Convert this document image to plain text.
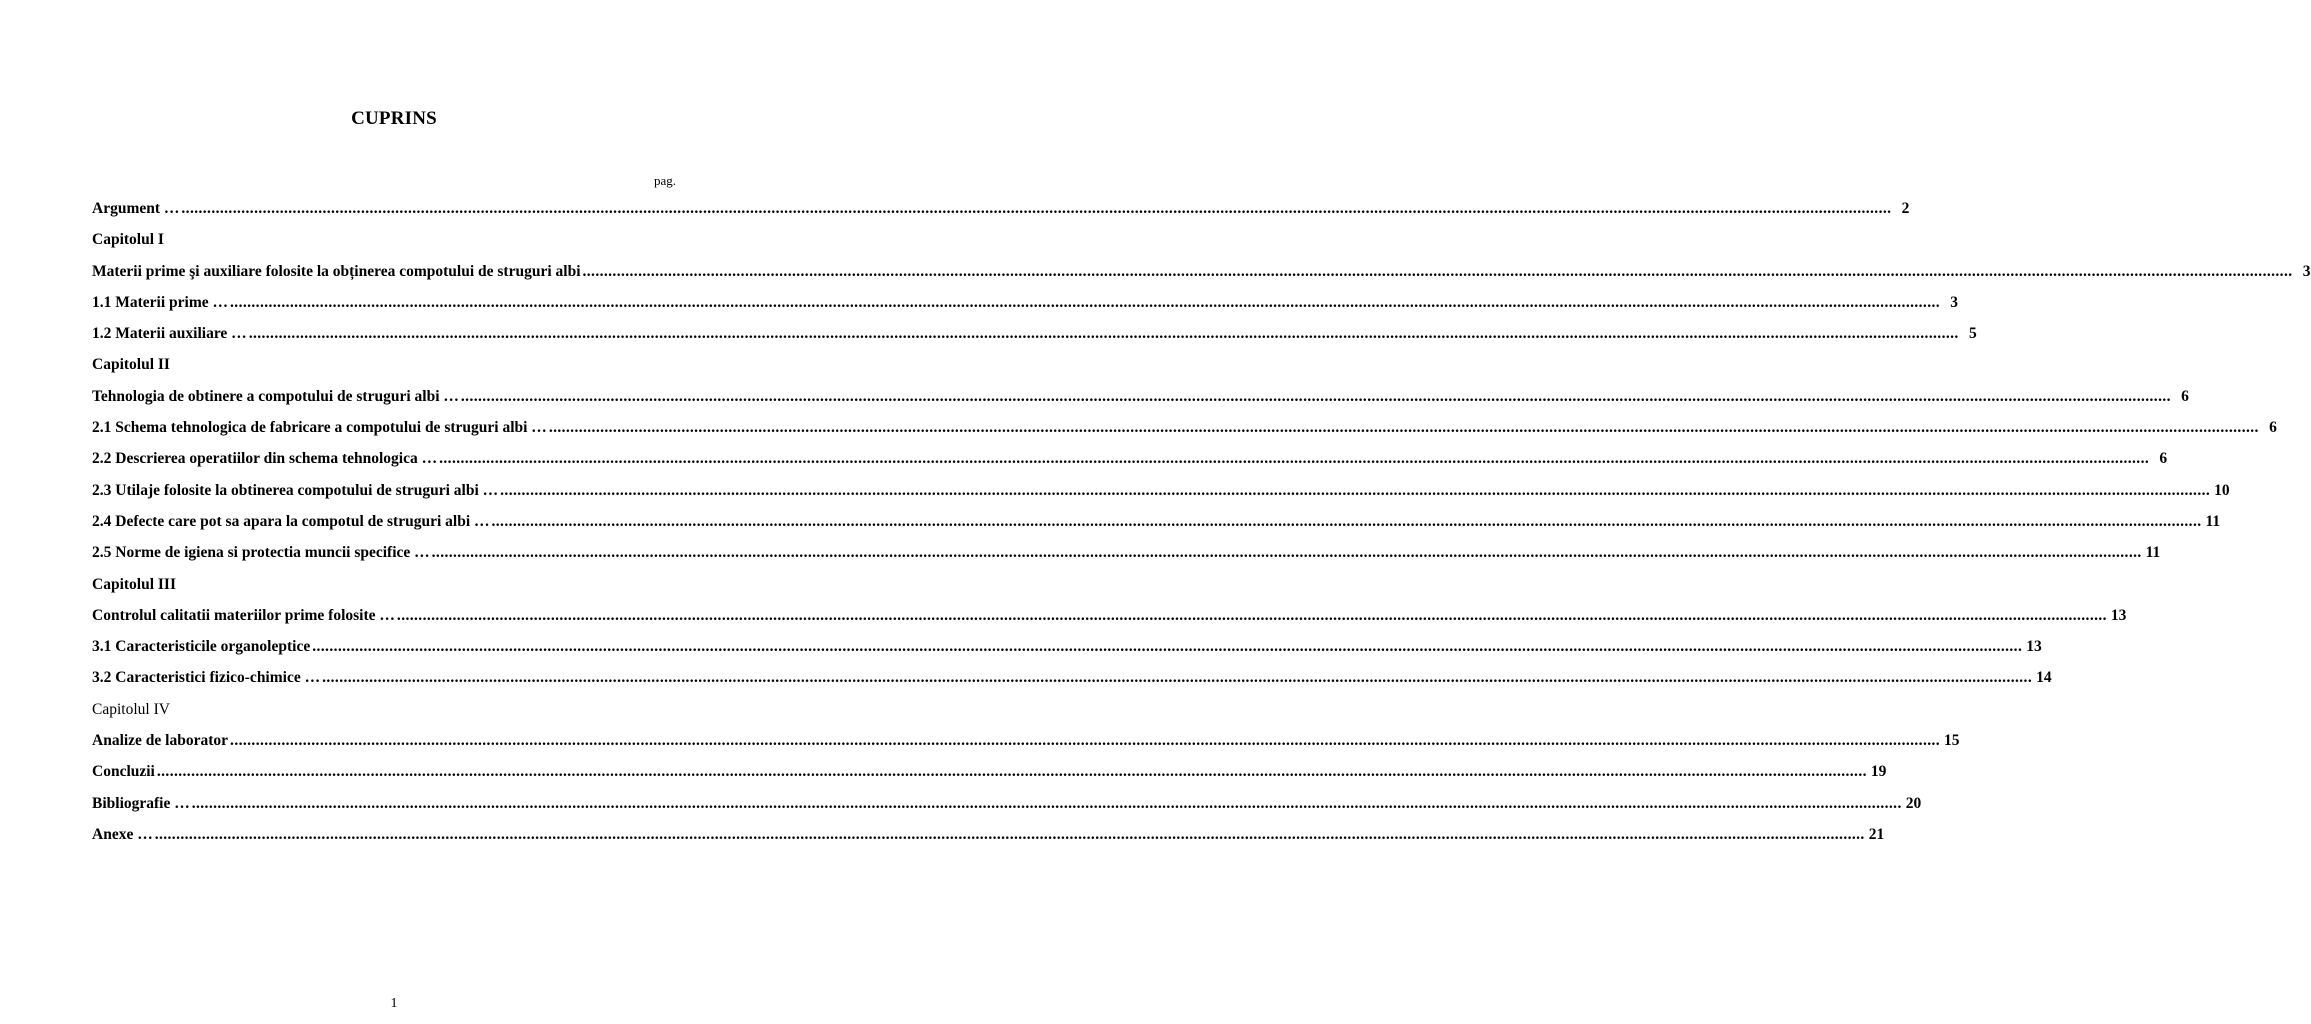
CUPRINS
pag.
Argument … ................................................................................................................................................................................................................................................................................................................................................................................................................ 2
Capitolul I
Materii prime şi auxiliare folosite la obținerea compotului de struguri albi ................................................................................................................................................................................................................................................................................................................................................................................................................ 3
1.1 Materii prime … ................................................................................................................................................................................................................................................................................................................................................................................................................ 3
1.2 Materii auxiliare … ................................................................................................................................................................................................................................................................................................................................................................................................................ 5
Capitolul II
Tehnologia de obtinere a compotului de struguri albi … ................................................................................................................................................................................................................................................................................................................................................................................................................ 6
2.1 Schema tehnologica de fabricare a compotului de struguri albi … ................................................................................................................................................................................................................................................................................................................................................................................................................ 6
2.2 Descrierea operatiilor din schema tehnologica … ................................................................................................................................................................................................................................................................................................................................................................................................................ 6
2.3 Utilaje folosite la obtinerea compotului de struguri albi … ................................................................................................................................................................................................................................................................................................................................................................................................................ 10
2.4 Defecte care pot sa apara la compotul de struguri albi … ................................................................................................................................................................................................................................................................................................................................................................................................................ 11
2.5 Norme de igiena si protectia muncii specifice … ................................................................................................................................................................................................................................................................................................................................................................................................................ 11
Capitolul III
Controlul calitatii materiilor prime folosite … ................................................................................................................................................................................................................................................................................................................................................................................................................ 13
3.1 Caracteristicile organoleptice ................................................................................................................................................................................................................................................................................................................................................................................................................ 13
3.2 Caracteristici fizico-chimice … ................................................................................................................................................................................................................................................................................................................................................................................................................ 14
Capitolul IV
Analize de laborator ................................................................................................................................................................................................................................................................................................................................................................................................................ 15
Concluzii ................................................................................................................................................................................................................................................................................................................................................................................................................ 19
Bibliografie … ................................................................................................................................................................................................................................................................................................................................................................................................................ 20
Anexe … ................................................................................................................................................................................................................................................................................................................................................................................................................ 21
1
